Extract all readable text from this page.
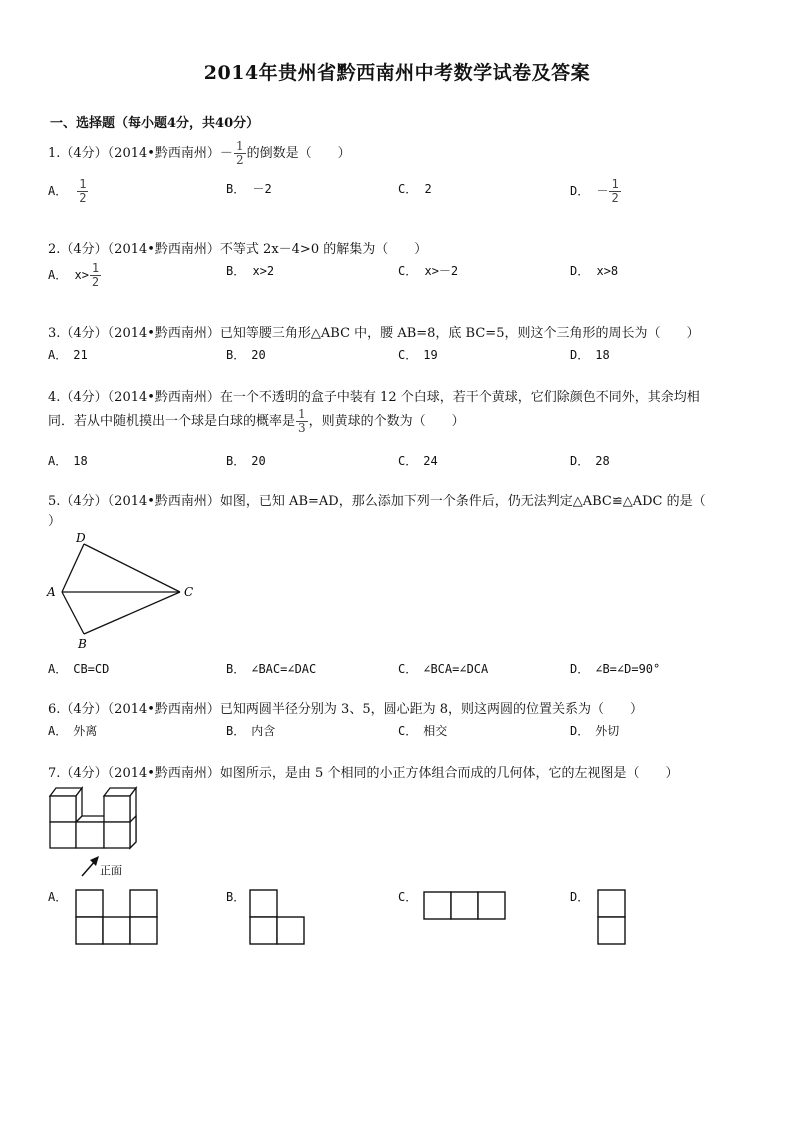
2014年贵州省黔西南州中考数学试卷及答案
一、选择题（每小题4分，共40分）
1.（4分）（2014•黔西南州）－ $\frac{1}{2}$ 的倒数是（　　）
A． $\frac{1}{2}$	B． －2	C． 2	D． － $\frac{1}{2}$
2.（4分）（2014•黔西南州）不等式 2x－4>0 的解集为（　　）
A． $x> \frac{1}{2}$	B． x>2	C． x>－2	D． x>8
3.（4分）（2014•黔西南州）已知等腰三角形△ABC 中，腰 AB=8，底 BC=5，则这个三角形的周长为（　　）
A．　21	B．　20	C．　19	D．　18
4.（4分）（2014•黔西南州）在一个不透明的盒子中装有 12 个白球，若干个黄球，它们除颜色不同外，其余均相
同．若从中随机摸出一个球是白球的概率是 $\frac{1}{3}$ ，则黄球的个数为（　　）
A．　18	B．　20	C．　24	D．　28
5.（4分）（2014•黔西南州）如图，已知 AB=AD，那么添加下列一个条件后，仍无法判定△ABC≌△ADC 的是（
）
D
A	C
B
A．　CB=CD	B．　∠BAC=∠DAC	C．　∠BCA=∠DCA	D．　∠B=∠D=90°
6.（4分）（2014•黔西南州）已知两圆半径分别为 3、5，圆心距为 8，则这两圆的位置关系为（　　）
A．　外离	B．　内含	C．　相交	D．　外切
7.（4分）（2014•黔西南州）如图所示，是由 5 个相同的小正方体组合而成的几何体，它的左视图是（　　）
正面
A．	B．	C．	D．
